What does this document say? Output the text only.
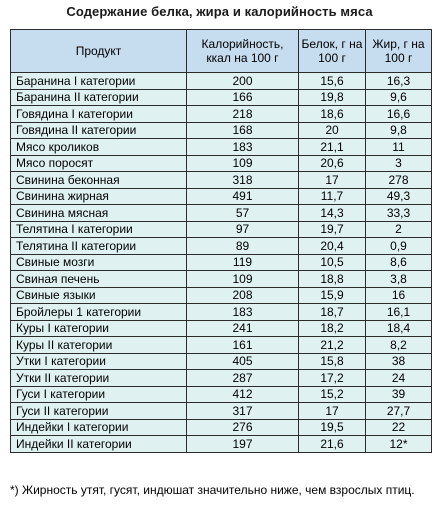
Содержание белка, жира и калорийность мяса
Продукт	Калорийность, ккал на 100 г	Белок, г на 100 г	Жир, г на 100 г
Баранина I категории	200	15,6	16,3
Баранина II категории	166	19,8	9,6
Говядина I категории	218	18,6	16,6
Говядина II категории	168	20	9,8
Мясо кроликов	183	21,1	11
Мясо поросят	109	20,6	3
Свинина беконная	318	17	278
Свинина жирная	491	11,7	49,3
Свинина мясная	57	14,3	33,3
Телятина I категории	97	19,7	2
Телятина II категории	89	20,4	0,9
Свиные мозги	119	10,5	8,6
Свиная печень	109	18,8	3,8
Свиные языки	208	15,9	16
Бройлеры 1 категории	183	18,7	16,1
Куры I категории	241	18,2	18,4
Куры II категории	161	21,2	8,2
Утки I категории	405	15,8	38
Утки II категории	287	17,2	24
Гуси I категории	412	15,2	39
Гуси II категории	317	17	27,7
Индейки I категории	276	19,5	22
Индейки II категории	197	21,6	12*
*) Жирность утят, гусят, индюшат значительно ниже, чем взрослых птиц.
